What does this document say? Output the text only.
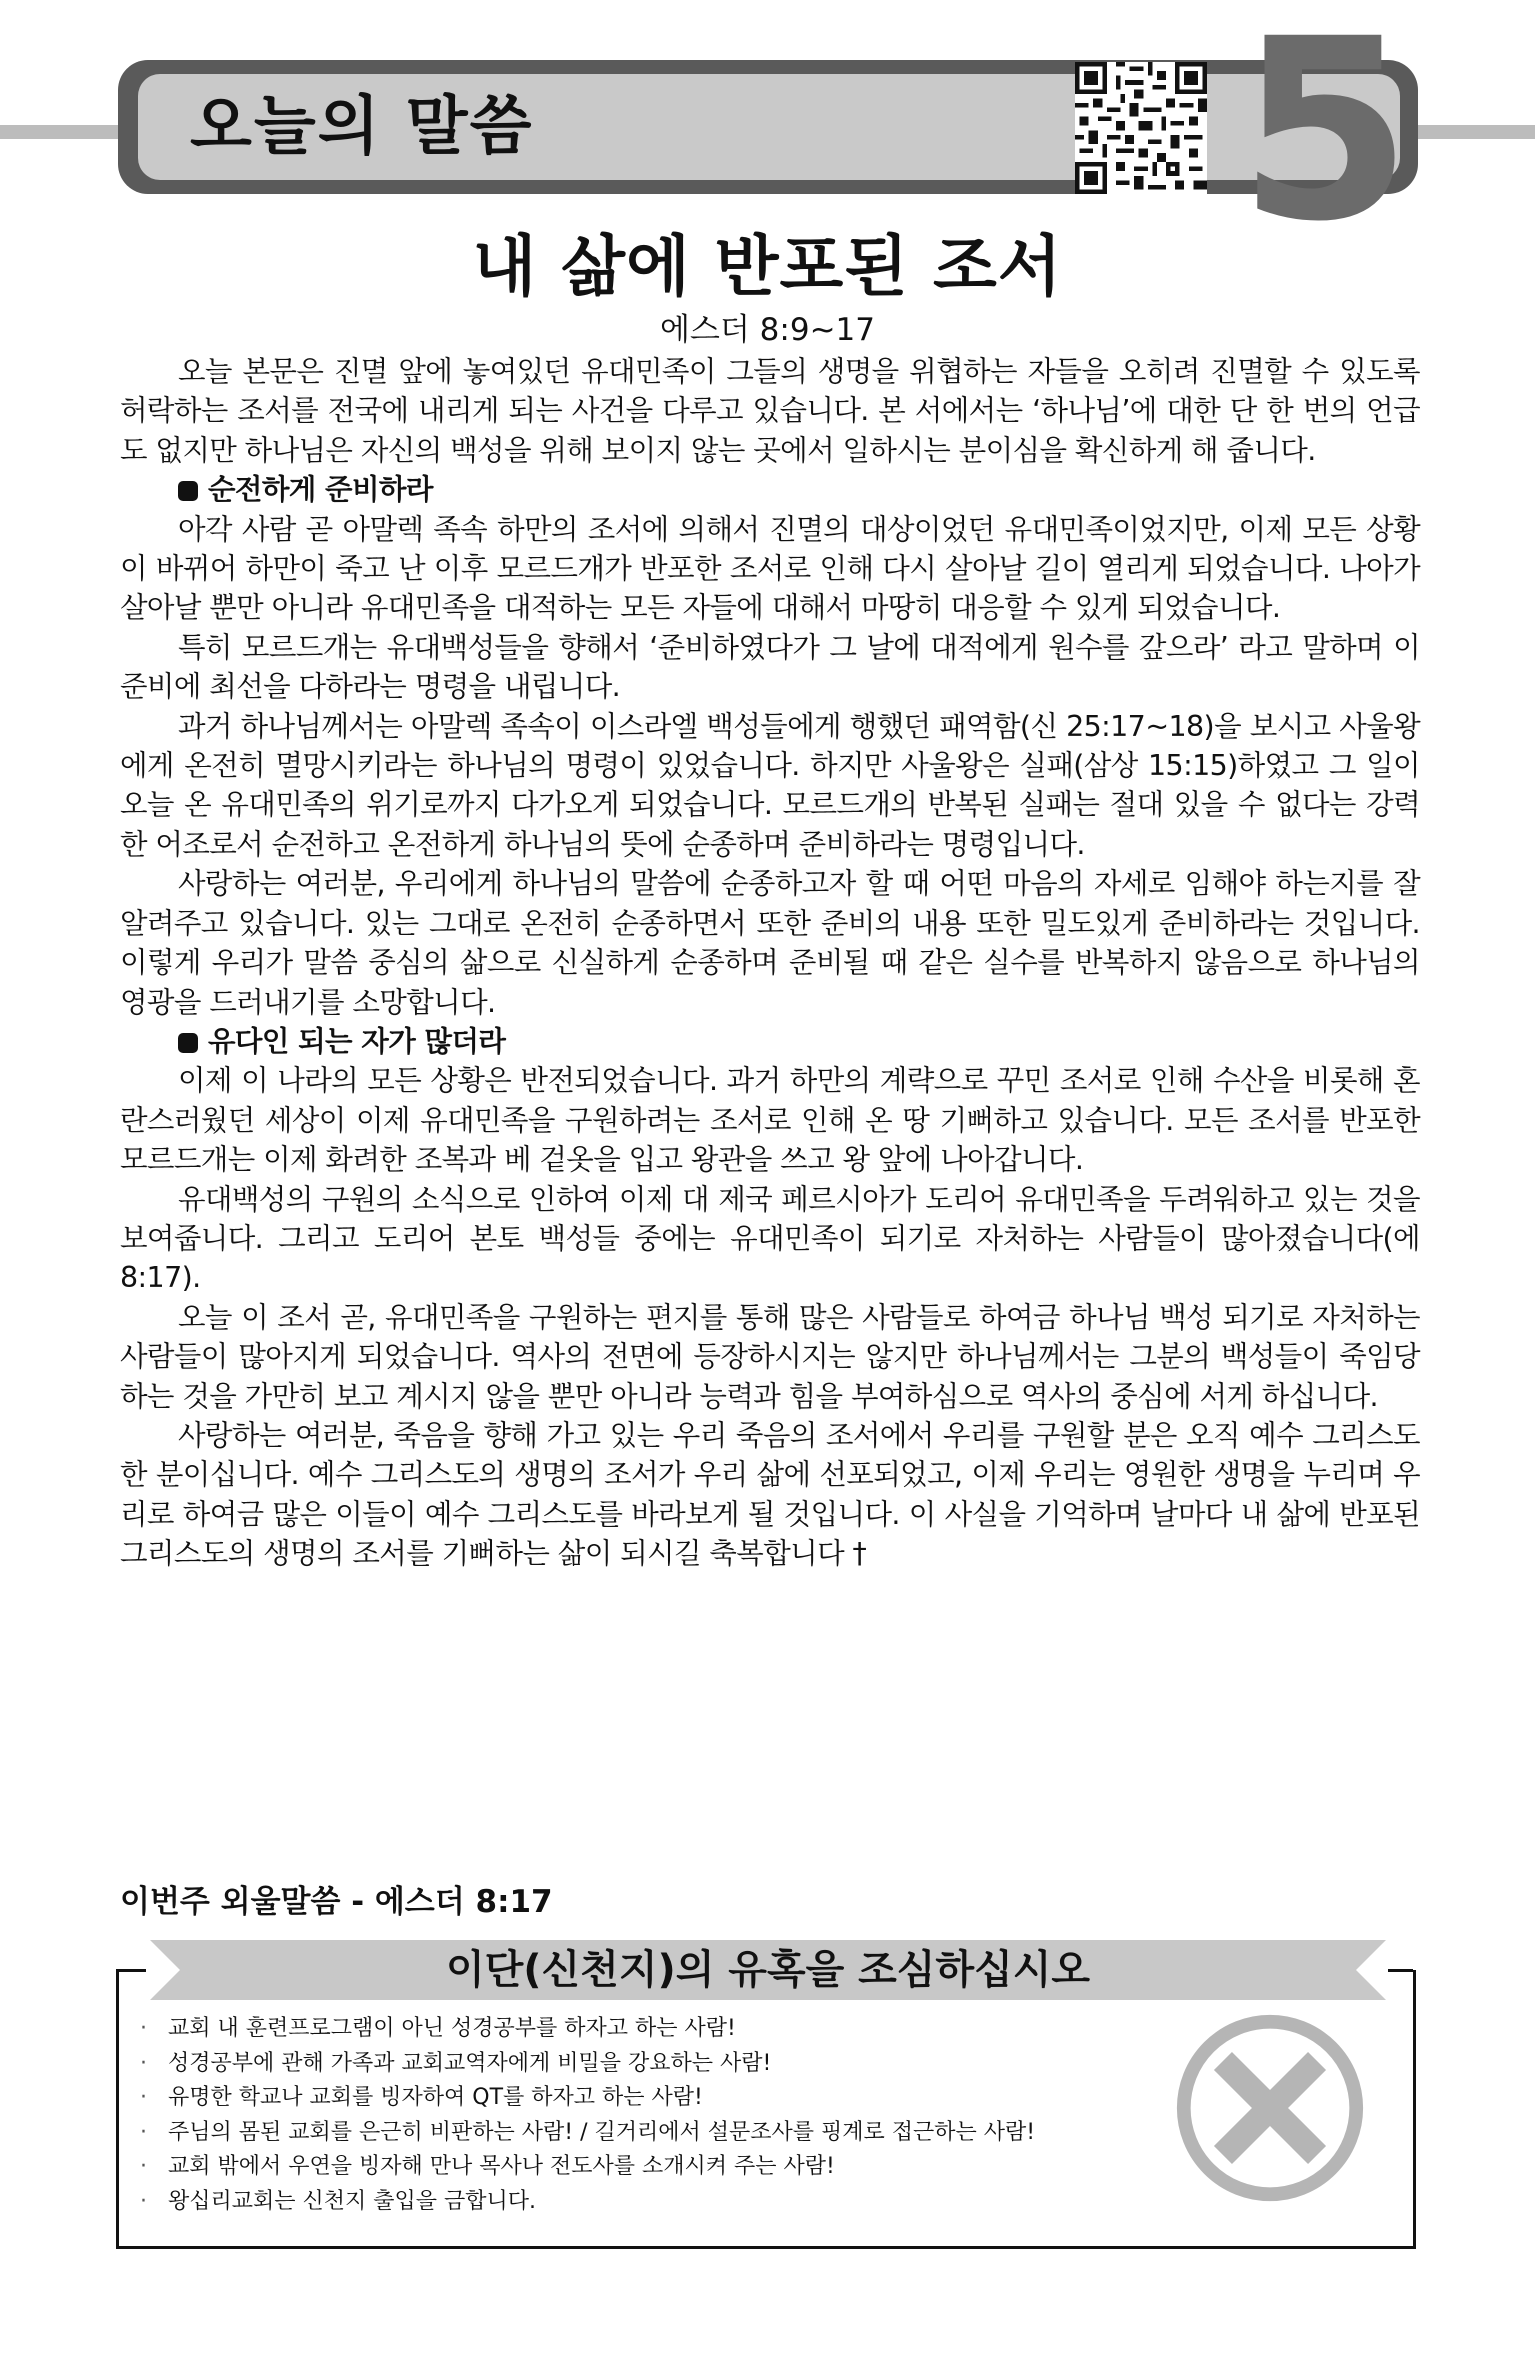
오늘의 말씀	5
내 삶에 반포된 조서
에스더 8:9~17

오늘 본문은 진멸 앞에 놓여있던 유대민족이 그들의 생명을 위협하는 자들을 오히려 진멸할 수 있도록 허락하는 조서를 전국에 내리게 되는 사건을 다루고 있습니다. 본 서에서는 ‘하나님’에 대한 단 한 번의 언급도 없지만 하나님은 자신의 백성을 위해 보이지 않는 곳에서 일하시는 분이심을 확신하게 해 줍니다.

순전하게 준비하라

아각 사람 곧 아말렉 족속 하만의 조서에 의해서 진멸의 대상이었던 유대민족이었지만, 이제 모든 상황이 바뀌어 하만이 죽고 난 이후 모르드개가 반포한 조서로 인해 다시 살아날 길이 열리게 되었습니다. 나아가 살아날 뿐만 아니라 유대민족을 대적하는 모든 자들에 대해서 마땅히 대응할 수 있게 되었습니다.

특히 모르드개는 유대백성들을 향해서 ‘준비하였다가 그 날에 대적에게 원수를 갚으라’ 라고 말하며 이 준비에 최선을 다하라는 명령을 내립니다.

과거 하나님께서는 아말렉 족속이 이스라엘 백성들에게 행했던 패역함(신 25:17~18)을 보시고 사울왕에게 온전히 멸망시키라는 하나님의 명령이 있었습니다. 하지만 사울왕은 실패(삼상 15:15)하였고 그 일이 오늘 온 유대민족의 위기로까지 다가오게 되었습니다. 모르드개의 반복된 실패는 절대 있을 수 없다는 강력한 어조로서 순전하고 온전하게 하나님의 뜻에 순종하며 준비하라는 명령입니다.

사랑하는 여러분, 우리에게 하나님의 말씀에 순종하고자 할 때 어떤 마음의 자세로 임해야 하는지를 잘 알려주고 있습니다. 있는 그대로 온전히 순종하면서 또한 준비의 내용 또한 밀도있게 준비하라는 것입니다. 이렇게 우리가 말씀 중심의 삶으로 신실하게 순종하며 준비될 때 같은 실수를 반복하지 않음으로 하나님의 영광을 드러내기를 소망합니다.

유다인 되는 자가 많더라

이제 이 나라의 모든 상황은 반전되었습니다. 과거 하만의 계략으로 꾸민 조서로 인해 수산을 비롯해 혼란스러웠던 세상이 이제 유대민족을 구원하려는 조서로 인해 온 땅 기뻐하고 있습니다. 모든 조서를 반포한 모르드개는 이제 화려한 조복과 베 겉옷을 입고 왕관을 쓰고 왕 앞에 나아갑니다.

유대백성의 구원의 소식으로 인하여 이제 대 제국 페르시아가 도리어 유대민족을 두려워하고 있는 것을 보여줍니다. 그리고 도리어 본토 백성들 중에는 유대민족이 되기로 자처하는 사람들이 많아졌습니다(에 8:17).

오늘 이 조서 곧, 유대민족을 구원하는 편지를 통해 많은 사람들로 하여금 하나님 백성 되기로 자처하는 사람들이 많아지게 되었습니다. 역사의 전면에 등장하시지는 않지만 하나님께서는 그분의 백성들이 죽임당하는 것을 가만히 보고 계시지 않을 뿐만 아니라 능력과 힘을 부여하심으로 역사의 중심에 서게 하십니다.

사랑하는 여러분, 죽음을 향해 가고 있는 우리 죽음의 조서에서 우리를 구원할 분은 오직 예수 그리스도 한 분이십니다. 예수 그리스도의 생명의 조서가 우리 삶에 선포되었고, 이제 우리는 영원한 생명을 누리며 우리로 하여금 많은 이들이 예수 그리스도를 바라보게 될 것입니다. 이 사실을 기억하며 날마다 내 삶에 반포된 그리스도의 생명의 조서를 기뻐하는 삶이 되시길 축복합니다 †

이번주 외울말씀 - 에스더 8:17
이단(신천지)의 유혹을 조심하십시오
· 교회 내 훈련프로그램이 아닌 성경공부를 하자고 하는 사람!
· 성경공부에 관해 가족과 교회교역자에게 비밀을 강요하는 사람!
· 유명한 학교나 교회를 빙자하여 QT를 하자고 하는 사람!
· 주님의 몸된 교회를 은근히 비판하는 사람! / 길거리에서 설문조사를 핑계로 접근하는 사람!
· 교회 밖에서 우연을 빙자해 만나 목사나 전도사를 소개시켜 주는 사람!
· 왕십리교회는 신천지 출입을 금합니다.
